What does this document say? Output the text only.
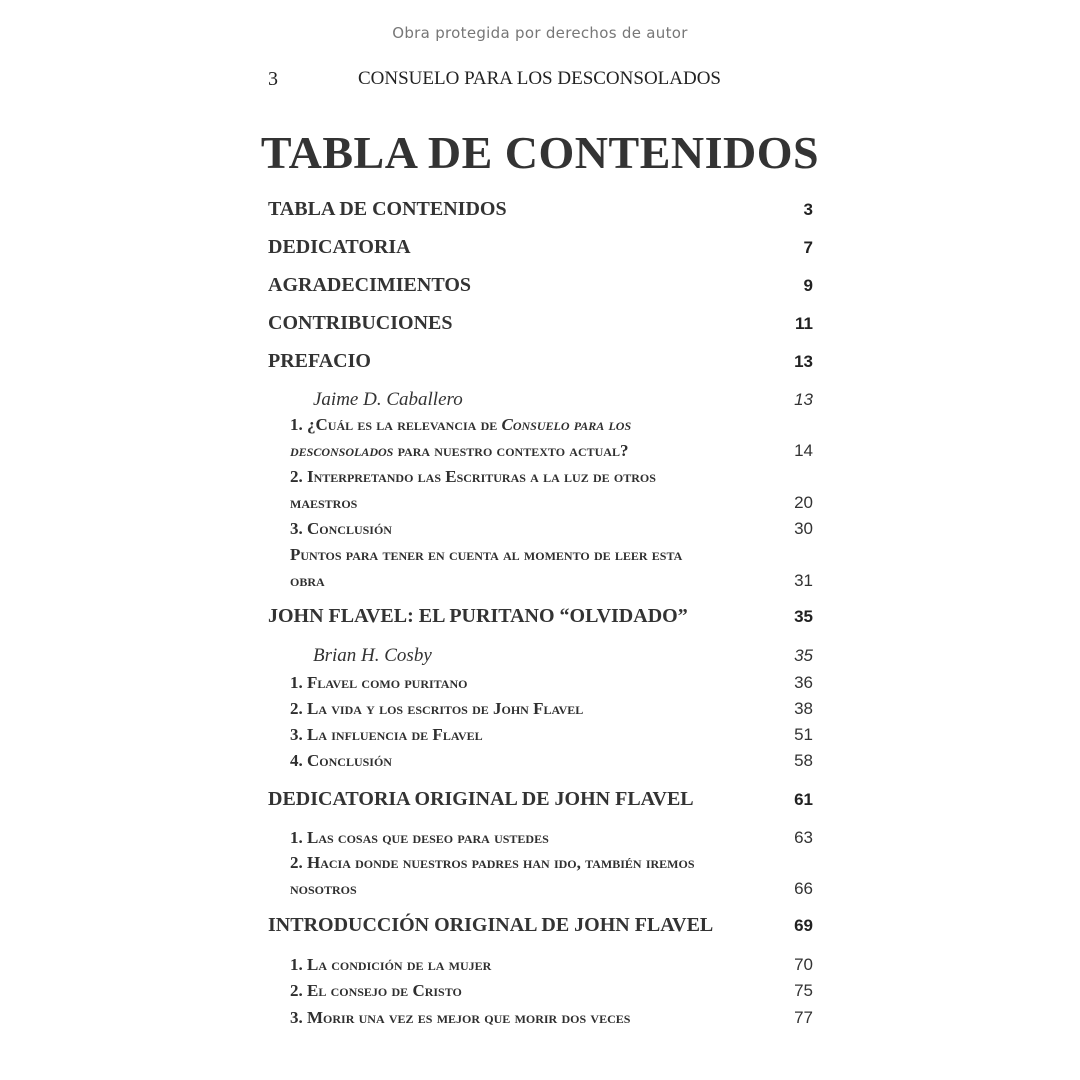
Obra protegida por derechos de autor
3	CONSUELO PARA LOS DESCONSOLADOS
TABLA DE CONTENIDOS
TABLA DE CONTENIDOS	3
DEDICATORIA	7
AGRADECIMIENTOS	9
CONTRIBUCIONES	11
PREFACIO	13
Jaime D. Caballero	13
1. ¿Cuál es la relevancia de Consuelo para los
desconsolados para nuestro contexto actual?	14
2. Interpretando las Escrituras a la luz de otros
maestros	20
3. Conclusión	30
Puntos para tener en cuenta al momento de leer esta
obra	31
JOHN FLAVEL: EL PURITANO “OLVIDADO”	35
Brian H. Cosby	35
1. Flavel como puritano	36
2. La vida y los escritos de John Flavel	38
3. La influencia de Flavel	51
4. Conclusión	58
DEDICATORIA ORIGINAL DE JOHN FLAVEL	61
1. Las cosas que deseo para ustedes	63
2. Hacia donde nuestros padres han ido, también iremos
nosotros	66
INTRODUCCIÓN ORIGINAL DE JOHN FLAVEL	69
1. La condición de la mujer	70
2. El consejo de Cristo	75
3. Morir una vez es mejor que morir dos veces	77
